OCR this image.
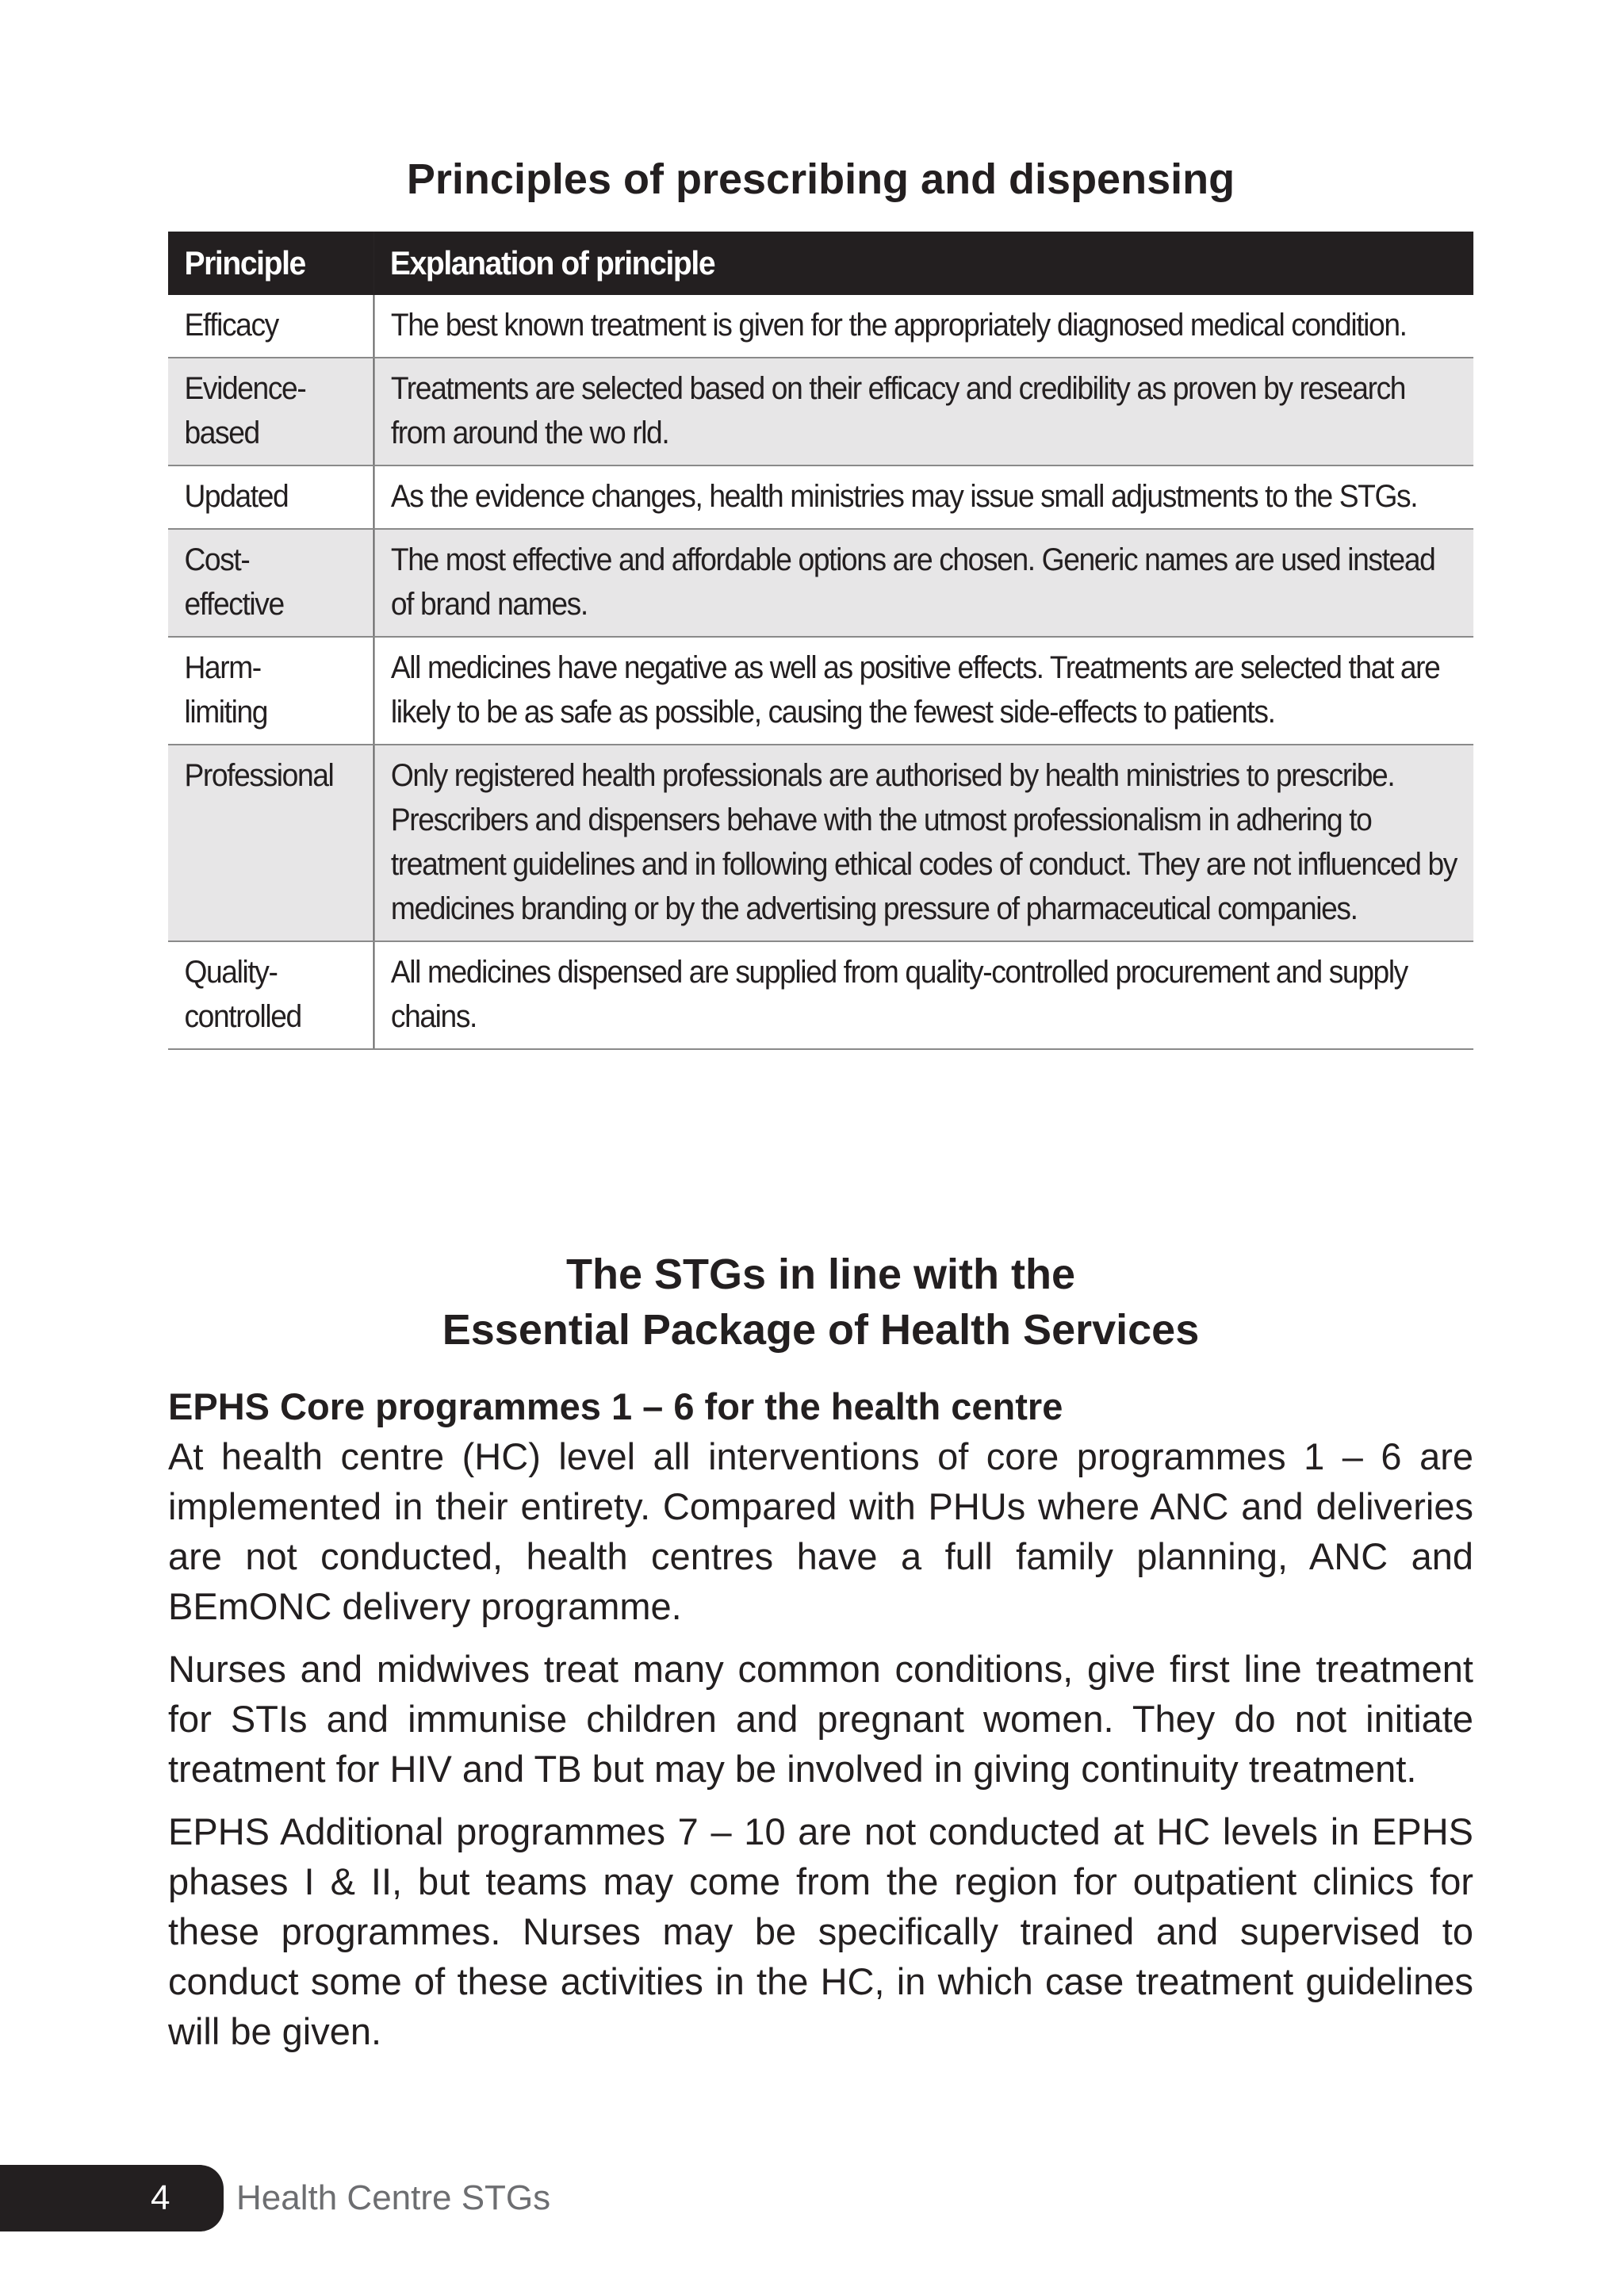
Principles of prescribing and dispensing
Principle	Explanation of principle
Efficacy	The best known treatment is given for the appropriately diagnosed medical condition.
Evidence-
based	Treatments are selected based on their efficacy and credibility as proven by research from around the wo rld.
Updated	As the evidence changes, health ministries may issue small adjustments to the STGs.
Cost-
effective	The most effective and affordable options are chosen. Generic names are used instead of brand names.
Harm-
limiting	All medicines have negative as well as positive effects. Treatments are selected that are likely to be as safe as possible, causing the fewest side-effects to patients.
Professional	Only registered health professionals are authorised by health ministries to prescribe. Prescribers and dispensers behave with the utmost professionalism in adhering to treatment guidelines and in following ethical codes of conduct. They are not influenced by medicines branding or by the advertising pressure of pharmaceutical companies.
Quality-
controlled	All medicines dispensed are supplied from quality-controlled procurement and supply chains.
The STGs in line with the
Essential Package of Health Services

EPHS Core programmes 1 – 6 for the health centre

At health centre (HC) level all interventions of core programmes 1 – 6 are implemented in their entirety. Compared with PHUs where ANC and deliveries are not conducted, health centres have a full family planning, ANC and BEmONC delivery programme.

Nurses and midwives treat many common conditions, give first line treatment for STIs and immunise children and pregnant women. They do not initiate treatment for HIV and TB but may be involved in giving continuity treatment.

EPHS Additional programmes 7 – 10 are not conducted at HC levels in EPHS phases I & II, but teams may come from the region for outpatient clinics for these programmes. Nurses may be specifically trained and supervised to conduct some of these activities in the HC, in which case treatment guidelines will be given.

4 Health Centre STGs
